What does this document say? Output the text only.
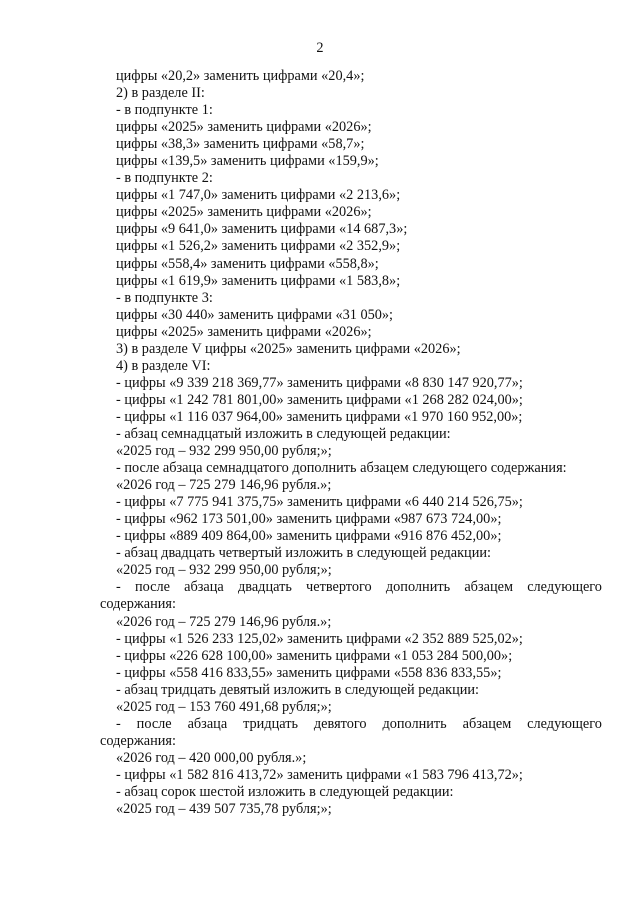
2
цифры «20,2» заменить цифрами «20,4»;
2) в разделе II:
- в подпункте 1:
цифры «2025» заменить цифрами «2026»;
цифры «38,3» заменить цифрами «58,7»;
цифры «139,5» заменить цифрами «159,9»;
- в подпункте 2:
цифры «1 747,0» заменить цифрами «2 213,6»;
цифры «2025» заменить цифрами «2026»;
цифры «9 641,0» заменить цифрами «14 687,3»;
цифры «1 526,2» заменить цифрами «2 352,9»;
цифры «558,4» заменить цифрами «558,8»;
цифры «1 619,9» заменить цифрами «1 583,8»;
- в подпункте 3:
цифры «30 440» заменить цифрами «31 050»;
цифры «2025» заменить цифрами «2026»;
3) в разделе V цифры «2025» заменить цифрами «2026»;
4) в разделе VI:
- цифры «9 339 218 369,77» заменить цифрами «8 830 147 920,77»;
- цифры «1 242 781 801,00» заменить цифрами «1 268 282 024,00»;
- цифры «1 116 037 964,00» заменить цифрами «1 970 160 952,00»;
- абзац семнадцатый изложить в следующей редакции:
«2025 год – 932 299 950,00 рубля;»;
- после абзаца семнадцатого дополнить абзацем следующего содержания:
«2026 год – 725 279 146,96 рубля.»;
- цифры «7 775 941 375,75» заменить цифрами «6 440 214 526,75»;
- цифры «962 173 501,00» заменить цифрами «987 673 724,00»;
- цифры «889 409 864,00» заменить цифрами «916 876 452,00»;
- абзац двадцать четвертый изложить в следующей редакции:
«2025 год – 932 299 950,00 рубля;»;
- после абзаца двадцать четвертого дополнить абзацем следующего
содержания:
«2026 год – 725 279 146,96 рубля.»;
- цифры «1 526 233 125,02» заменить цифрами «2 352 889 525,02»;
- цифры «226 628 100,00» заменить цифрами «1 053 284 500,00»;
- цифры «558 416 833,55» заменить цифрами «558 836 833,55»;
- абзац тридцать девятый изложить в следующей редакции:
«2025 год – 153 760 491,68 рубля;»;
- после абзаца тридцать девятого дополнить абзацем следующего
содержания:
«2026 год – 420 000,00 рубля.»;
- цифры «1 582 816 413,72» заменить цифрами «1 583 796 413,72»;
- абзац сорок шестой изложить в следующей редакции:
«2025 год – 439 507 735,78 рубля;»;
